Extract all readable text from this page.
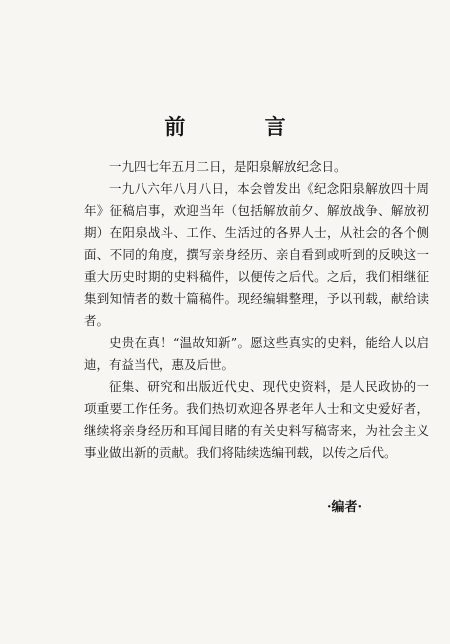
前 言

一九四七年五月二日，是阳泉解放纪念日。

一九八六年八月八日，本会曾发出《纪念阳泉解放四十周年》征稿启事，欢迎当年（包括解放前夕、解放战争、解放初期）在阳泉战斗、工作、生活过的各界人士，从社会的各个侧面、不同的角度，撰写亲身经历、亲自看到或听到的反映这一重大历史时期的史料稿件，以便传之后代。之后，我们相继征集到知情者的数十篇稿件。现经编辑整理，予以刊载，献给读者。

史贵在真！“温故知新”。愿这些真实的史料，能给人以启迪，有益当代，惠及后世。

征集、研究和出版近代史、现代史资料，是人民政协的一项重要工作任务。我们热切欢迎各界老年人士和文史爱好者，继续将亲身经历和耳闻目睹的有关史料写稿寄来，为社会主义事业做出新的贡献。我们将陆续选编刊载，以传之后代。

·编者·
